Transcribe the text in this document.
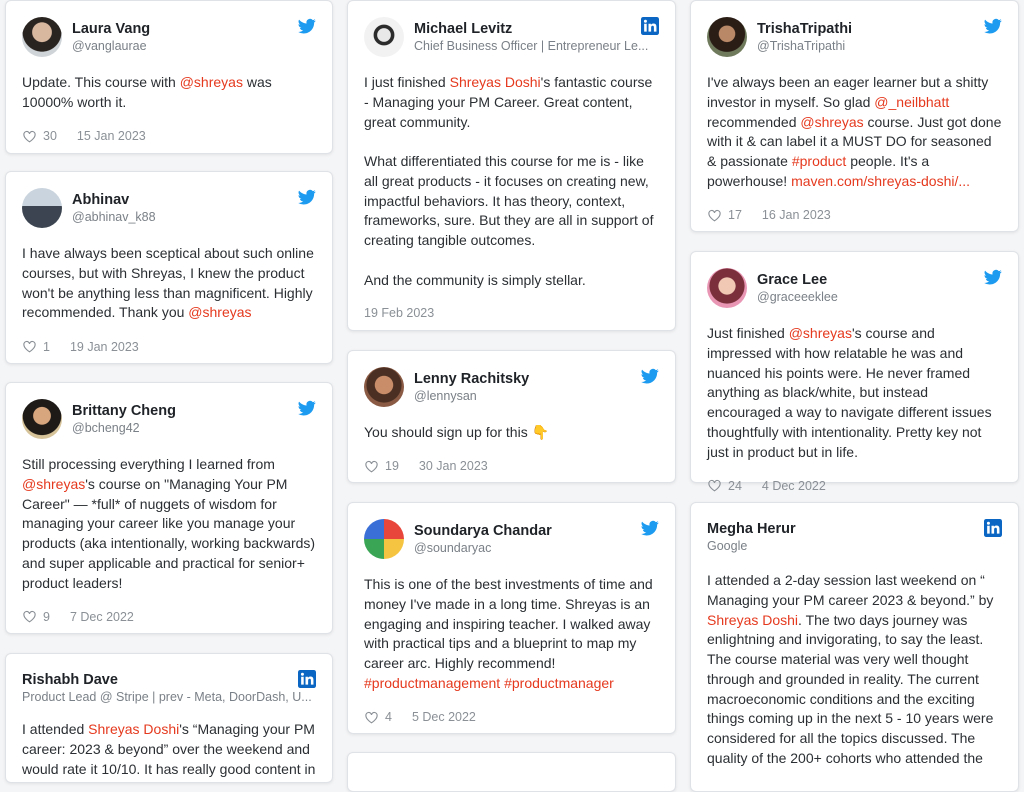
Laura Vang
@vanglaurae

Update. This course with @shreyas was 10000% worth it.

30 15 Jan 2023
Abhinav
@abhinav_k88

I have always been sceptical about such online courses, but with Shreyas, I knew the product won't be anything less than magnificent. Highly recommended. Thank you @shreyas

1 19 Jan 2023
Brittany Cheng
@bcheng42

Still processing everything I learned from @shreyas's course on "Managing Your PM Career" — *full* of nuggets of wisdom for managing your career like you manage your products (aka intentionally, working backwards) and super applicable and practical for senior+ product leaders!

9 7 Dec 2022
Rishabh Dave
Product Lead @ Stripe | prev - Meta, DoorDash, U...

I attended Shreyas Doshi's “Managing your PM career: 2023 & beyond” over the weekend and would rate it 10/10. It has really good content in

Michael Levitz
Chief Business Officer | Entrepreneur Le...

I just finished Shreyas Doshi's fantastic course - Managing your PM Career. Great content, great community.

What differentiated this course for me is - like all great products - it focuses on creating new, impactful behaviors. It has theory, context, frameworks, sure. But they are all in support of creating tangible outcomes.

And the community is simply stellar.

19 Feb 2023
Lenny Rachitsky
@lennysan

You should sign up for this 👇

19 30 Jan 2023
Soundarya Chandar
@soundaryac

This is one of the best investments of time and money I've made in a long time. Shreyas is an engaging and inspiring teacher. I walked away with practical tips and a blueprint to map my career arc. Highly recommend! #productmanagement #productmanager

4 5 Dec 2022
TrishaTripathi
@TrishaTripathi

I've always been an eager learner but a shitty investor in myself. So glad @_neilbhatt recommended @shreyas course. Just got done with it & can label it a MUST DO for seasoned & passionate #product people. It's a powerhouse! maven.com/shreyas-doshi/...

17 16 Jan 2023
Grace Lee
@graceeeklee

Just finished @shreyas's course and impressed with how relatable he was and nuanced his points were. He never framed anything as black/white, but instead encouraged a way to navigate different issues thoughtfully with intentionality. Pretty key not just in product but in life.

24 4 Dec 2022
Megha Herur
Google

I attended a 2-day session last weekend on “ Managing your PM career 2023 & beyond.” by Shreyas Doshi. The two days journey was enlightning and invigorating, to say the least. The course material was very well thought through and grounded in reality. The current macroeconomic conditions and the exciting things coming up in the next 5 - 10 years were considered for all the topics discussed. The quality of the 200+ cohorts who attended the
